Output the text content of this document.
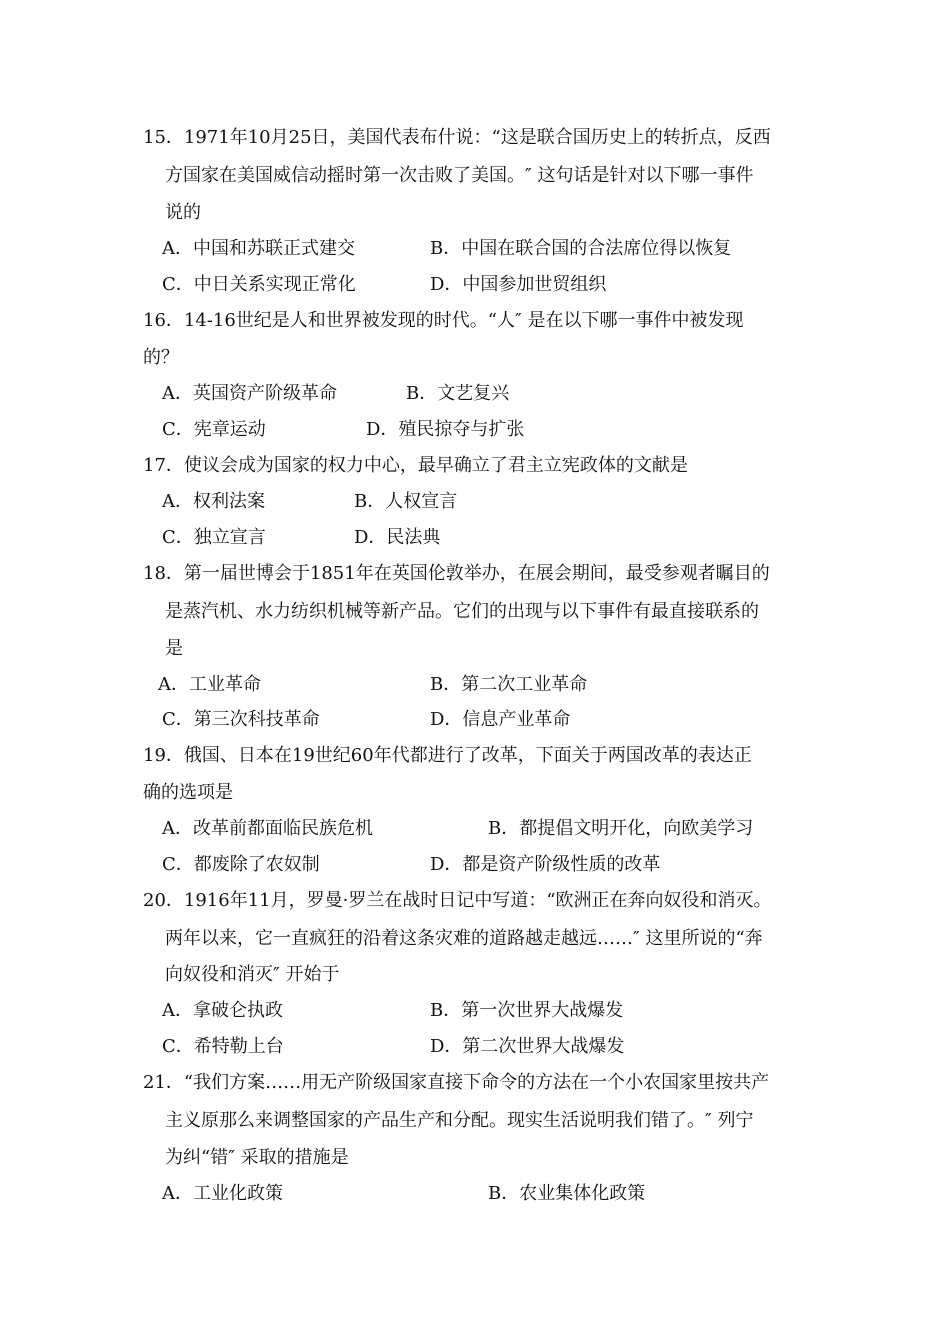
15．1971年10月25日，美国代表布什说：“这是联合国历史上的转折点，反西
方国家在美国威信动摇时第一次击败了美国。″ 这句话是针对以下哪一事件
说的
A．中国和苏联正式建交	B．中国在联合国的合法席位得以恢复
C．中日关系实现正常化	D．中国参加世贸组织
16．14-16世纪是人和世界被发现的时代。“人″ 是在以下哪一事件中被发现
的？
A．英国资产阶级革命	B．文艺复兴
C．宪章运动	D．殖民掠夺与扩张
17．使议会成为国家的权力中心，最早确立了君主立宪政体的文献是
A．权利法案	B．人权宣言
C．独立宣言	D．民法典
18．第一届世博会于1851年在英国伦敦举办，在展会期间，最受参观者瞩目的
是蒸汽机、水力纺织机械等新产品。它们的出现与以下事件有最直接联系的
是
A．工业革命	B．第二次工业革命
C．第三次科技革命	D．信息产业革命
19．俄国、日本在19世纪60年代都进行了改革，下面关于两国改革的表达正
确的选项是
A．改革前都面临民族危机	B．都提倡文明开化，向欧美学习
C．都废除了农奴制	D．都是资产阶级性质的改革
20．1916年11月，罗曼·罗兰在战时日记中写道：“欧洲正在奔向奴役和消灭。
两年以来，它一直疯狂的沿着这条灾难的道路越走越远……″ 这里所说的“奔
向奴役和消灭″ 开始于
A．拿破仑执政	B．第一次世界大战爆发
C．希特勒上台	D．第二次世界大战爆发
21．“我们方案……用无产阶级国家直接下命令的方法在一个小农国家里按共产
主义原那么来调整国家的产品生产和分配。现实生活说明我们错了。″ 列宁
为纠“错″ 采取的措施是
A．工业化政策	B．农业集体化政策
